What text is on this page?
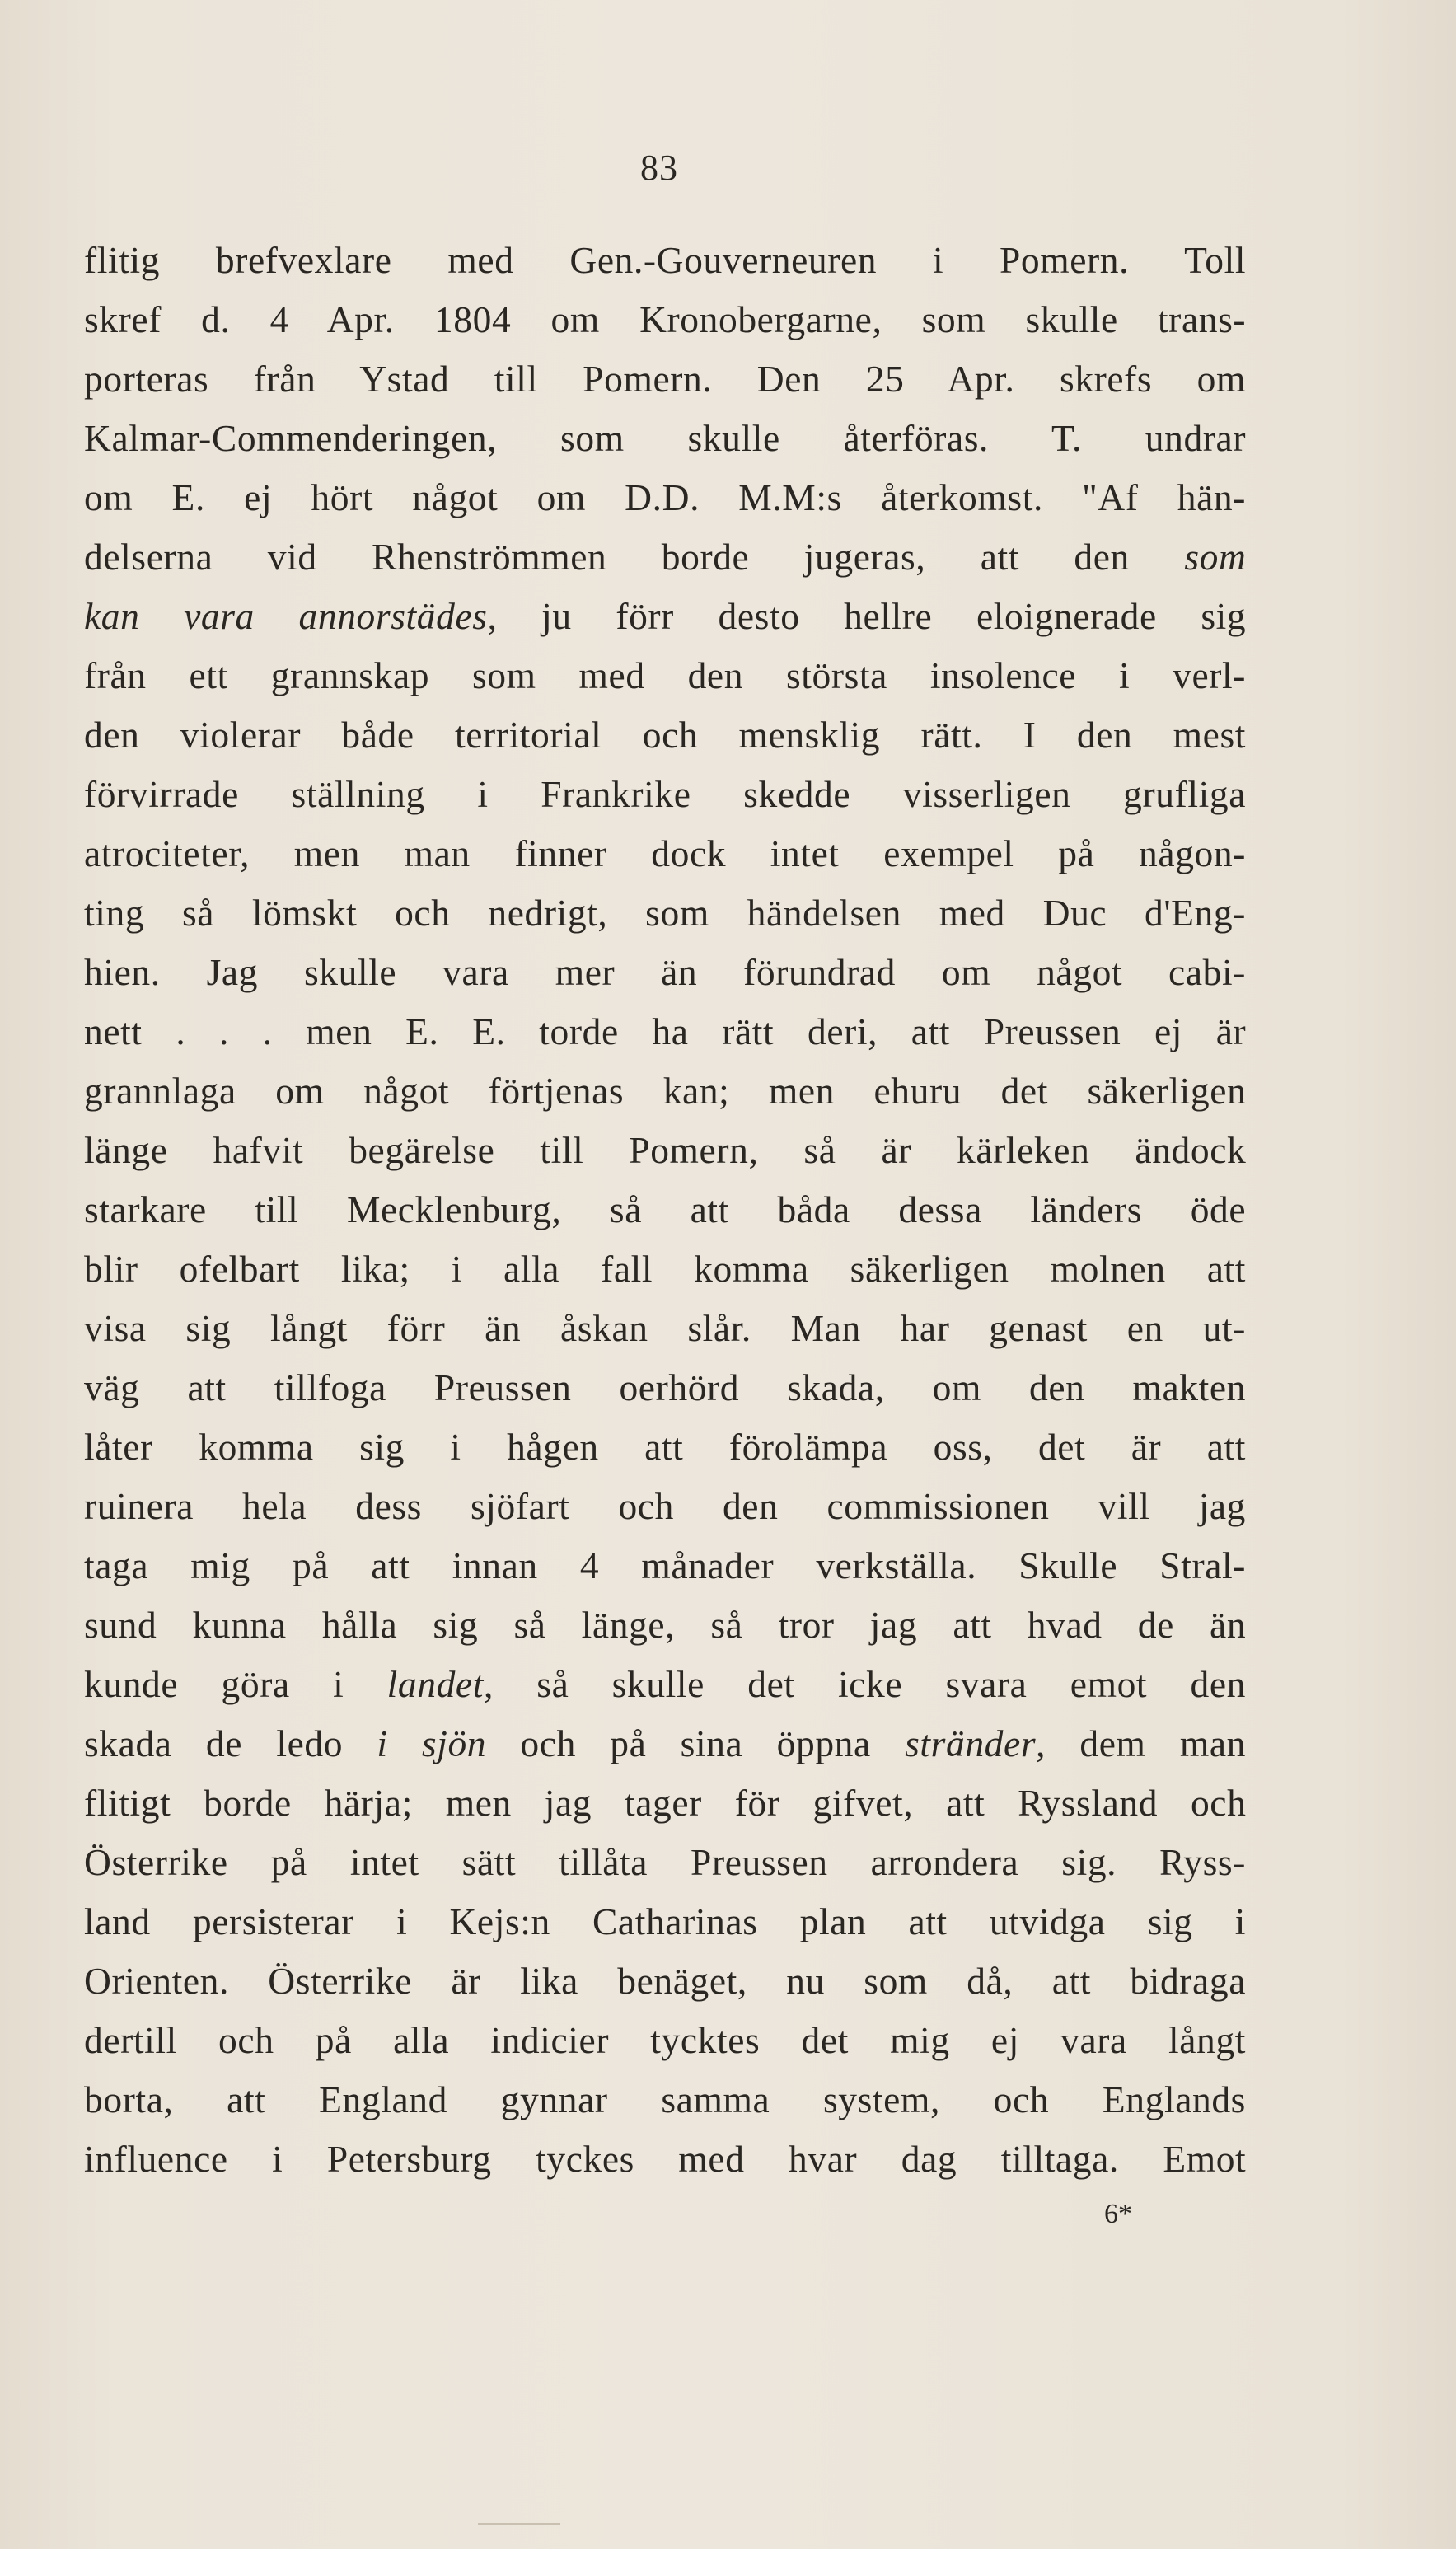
83
flitig brefvexlare med Gen.-Gouverneuren i Pomern. Toll
skref d. 4 Apr. 1804 om Kronobergarne, som skulle trans-
porteras från Ystad till Pomern. Den 25 Apr. skrefs om
Kalmar-Commenderingen, som skulle återföras. T. undrar
om E. ej hört något om D.D. M.M:s återkomst. "Af hän-
delserna vid Rhenströmmen borde jugeras, att den som
kan vara annorstädes, ju förr desto hellre eloignerade sig
från ett grannskap som med den största insolence i verl-
den violerar både territorial och mensklig rätt. I den mest
förvirrade ställning i Frankrike skedde visserligen grufliga
atrociteter, men man finner dock intet exempel på någon-
ting så lömskt och nedrigt, som händelsen med Duc d'Eng-
hien. Jag skulle vara mer än förundrad om något cabi-
nett . . . men E. E. torde ha rätt deri, att Preussen ej är
grannlaga om något förtjenas kan; men ehuru det säkerligen
länge hafvit begärelse till Pomern, så är kärleken ändock
starkare till Mecklenburg, så att båda dessa länders öde
blir ofelbart lika; i alla fall komma säkerligen molnen att
visa sig långt förr än åskan slår. Man har genast en ut-
väg att tillfoga Preussen oerhörd skada, om den makten
låter komma sig i hågen att förolämpa oss, det är att
ruinera hela dess sjöfart och den commissionen vill jag
taga mig på att innan 4 månader verkställa. Skulle Stral-
sund kunna hålla sig så länge, så tror jag att hvad de än
kunde göra i landet, så skulle det icke svara emot den
skada de ledo i sjön och på sina öppna stränder, dem man
flitigt borde härja; men jag tager för gifvet, att Ryssland och
Österrike på intet sätt tillåta Preussen arrondera sig. Ryss-
land persisterar i Kejs:n Catharinas plan att utvidga sig i
Orienten. Österrike är lika benäget, nu som då, att bidraga
dertill och på alla indicier tycktes det mig ej vara långt
borta, att England gynnar samma system, och Englands
influence i Petersburg tyckes med hvar dag tilltaga. Emot
6*
